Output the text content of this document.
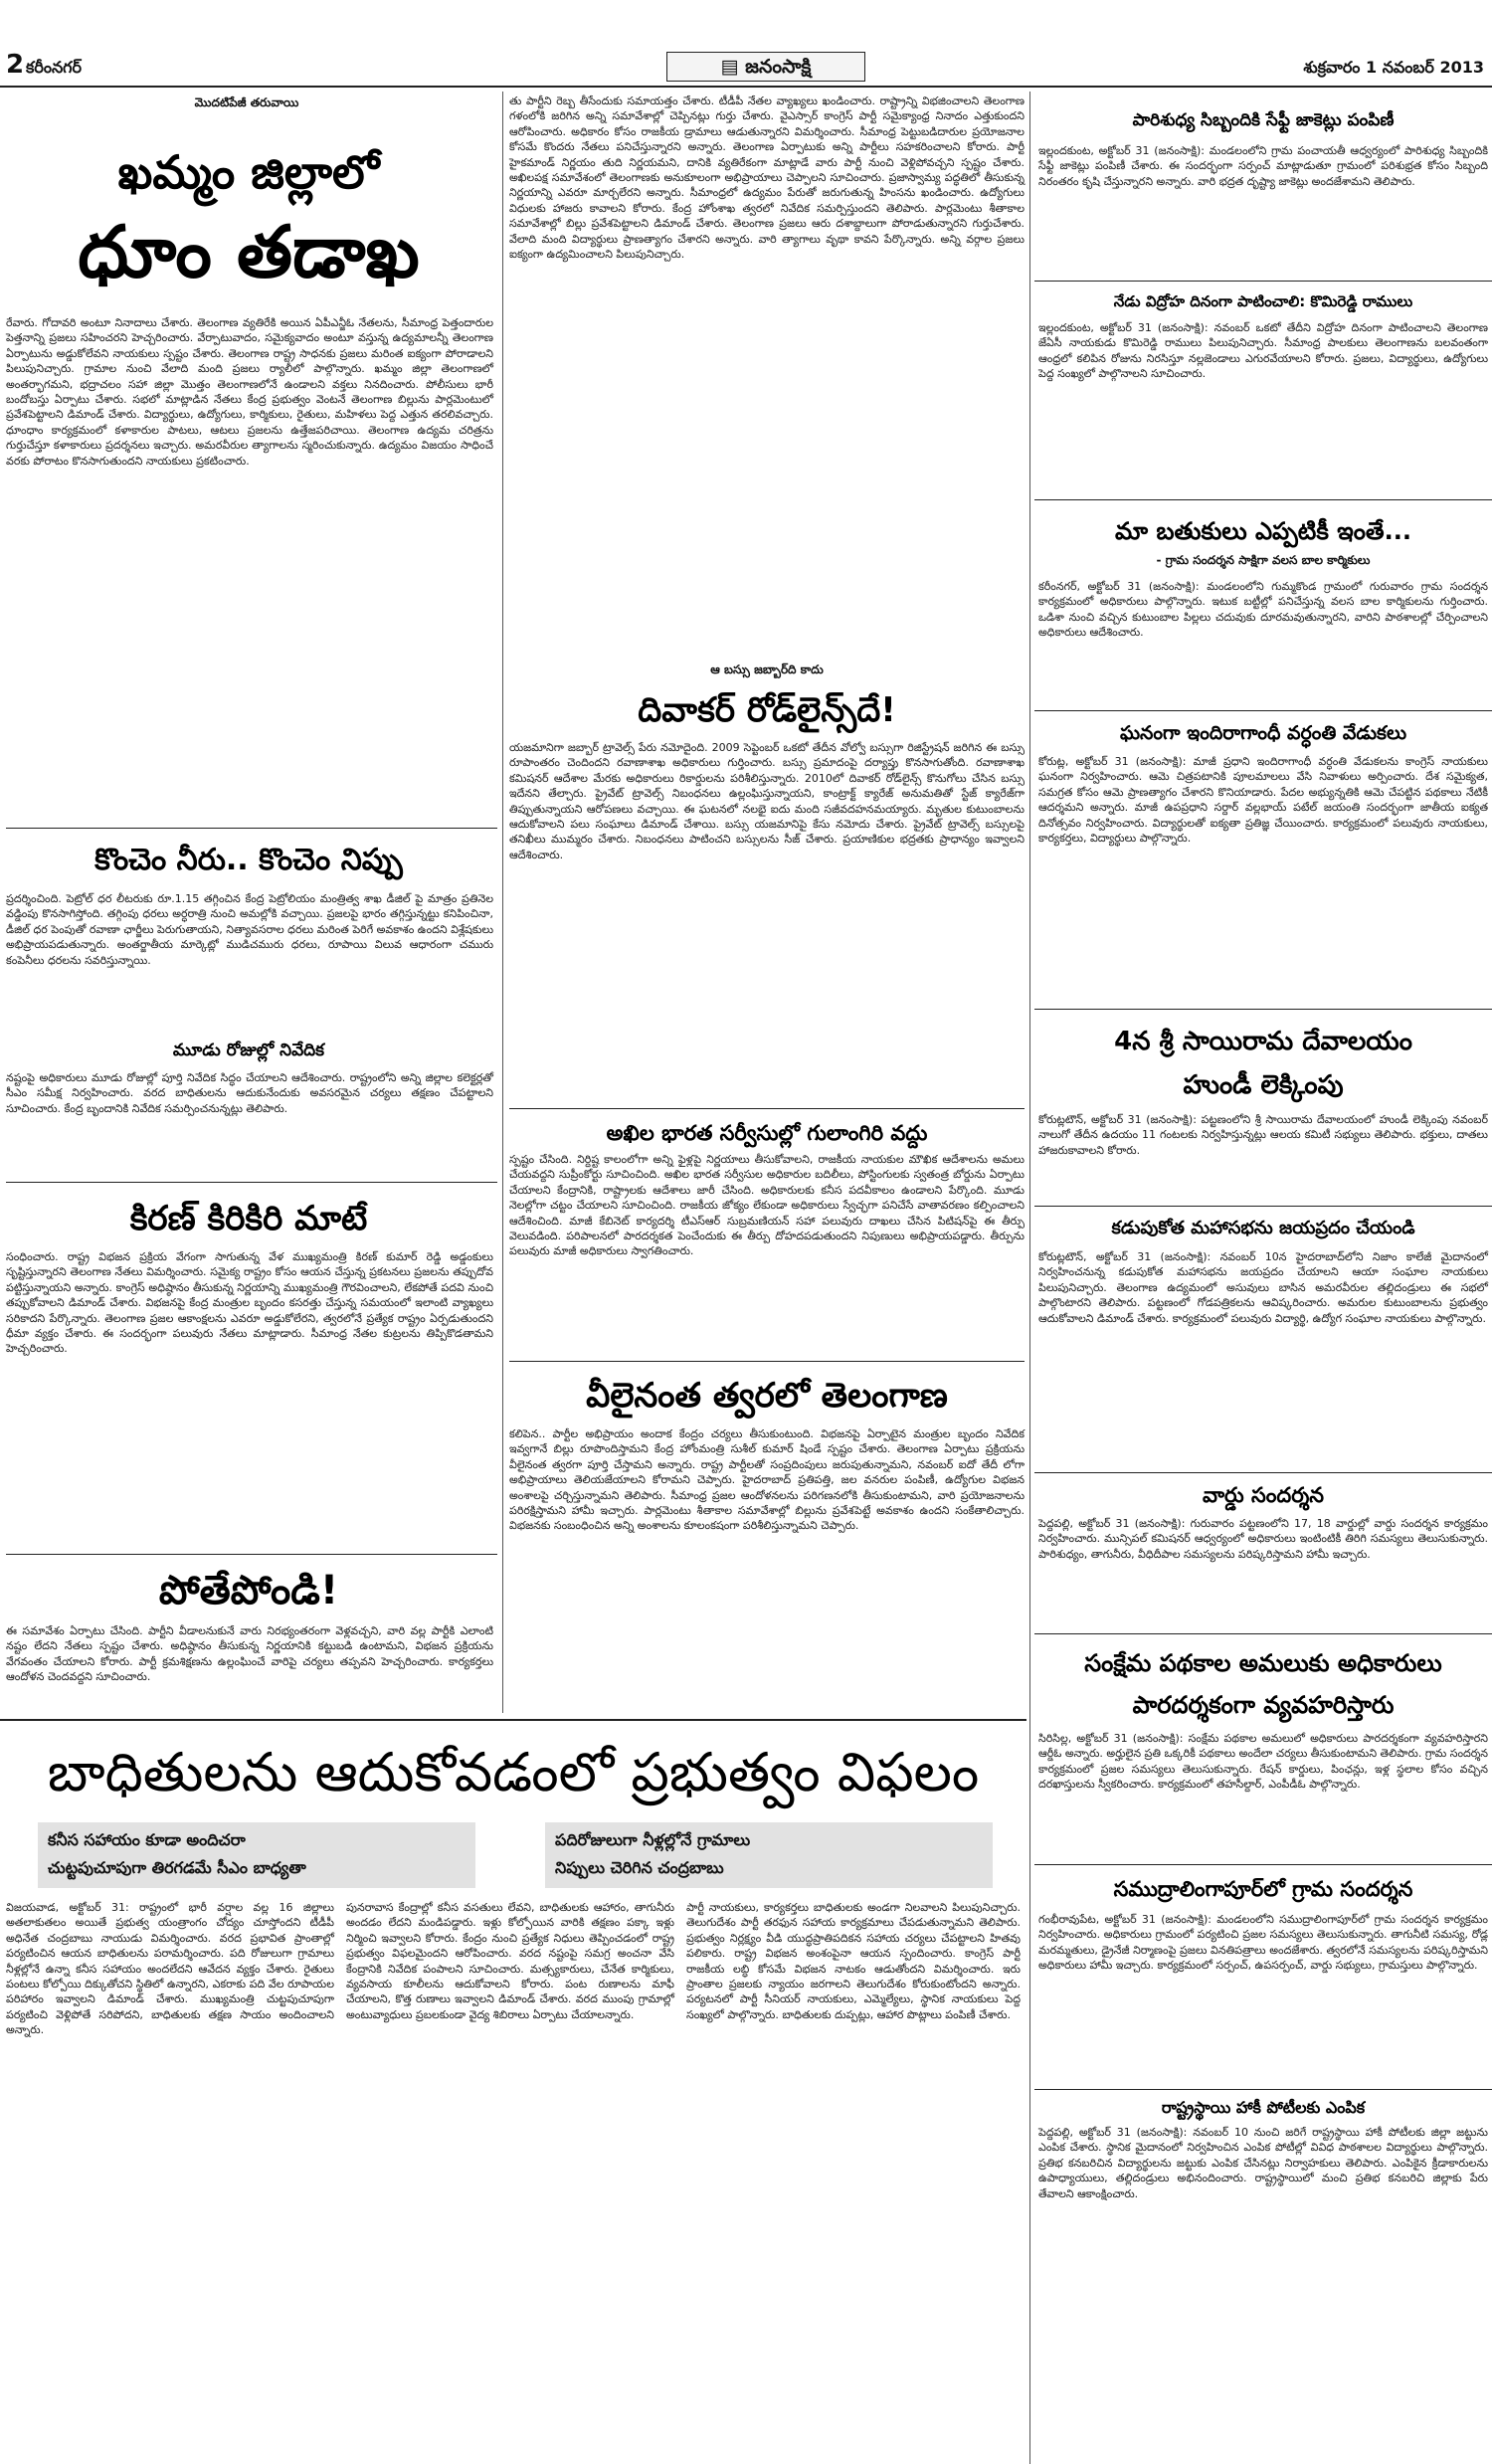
2 కరీంనగర్	▤ జనంసాక్షి	శుక్రవారం 1 నవంబర్ 2013
మొదటిపేజీ తరువాయి
ఖమ్మం జిల్లాలో
ధూం తడాఖ
రేవారు. గోదావరి అంటూ నినాదాలు చేశారు. తెలంగాణ వ్యతిరేకి అయిన ఏపీఎన్జీఓ నేతలను, సీమాంధ్ర పెత్తందారుల పెత్తనాన్ని ప్రజలు సహించరని హెచ్చరించారు. వేర్పాటువాదం, సమైక్యవాదం అంటూ వస్తున్న ఉద్యమాలన్నీ తెలంగాణ ఏర్పాటును అడ్డుకోలేవని నాయకులు స్పష్టం చేశారు. తెలంగాణ రాష్ట్ర సాధనకు ప్రజలు మరింత ఐక్యంగా పోరాడాలని పిలుపునిచ్చారు. గ్రామాల నుంచి వేలాది మంది ప్రజలు ర్యాలీలో పాల్గొన్నారు. ఖమ్మం జిల్లా తెలంగాణలో అంతర్భాగమని, భద్రాచలం సహా జిల్లా మొత్తం తెలంగాణలోనే ఉండాలని వక్తలు నినదించారు. పోలీసులు భారీ బందోబస్తు ఏర్పాటు చేశారు. సభలో మాట్లాడిన నేతలు కేంద్ర ప్రభుత్వం వెంటనే తెలంగాణ బిల్లును పార్లమెంటులో ప్రవేశపెట్టాలని డిమాండ్ చేశారు. విద్యార్థులు, ఉద్యోగులు, కార్మికులు, రైతులు, మహిళలు పెద్ద ఎత్తున తరలివచ్చారు. ధూంధాం కార్యక్రమంలో కళాకారుల పాటలు, ఆటలు ప్రజలను ఉత్తేజపరిచాయి. తెలంగాణ ఉద్యమ చరిత్రను గుర్తుచేస్తూ కళాకారులు ప్రదర్శనలు ఇచ్చారు. అమరవీరుల త్యాగాలను స్మరించుకున్నారు. ఉద్యమం విజయం సాధించే వరకు పోరాటం కొనసాగుతుందని నాయకులు ప్రకటించారు.
కొంచెం నీరు.. కొంచెం నిప్పు
ప్రదర్శించింది. పెట్రోల్ ధర లీటరుకు రూ.1.15 తగ్గించిన కేంద్ర పెట్రోలియం మంత్రిత్వ శాఖ డీజిల్ పై మాత్రం ప్రతినెల వడ్డింపు కొనసాగిస్తోంది. తగ్గింపు ధరలు అర్ధరాత్రి నుంచి అమల్లోకి వచ్చాయి. ప్రజలపై భారం తగ్గిస్తున్నట్టు కనిపించినా, డీజిల్ ధర పెంపుతో రవాణా ఛార్జీలు పెరుగుతాయని, నిత్యావసరాల ధరలు మరింత పెరిగే అవకాశం ఉందని విశ్లేషకులు అభిప్రాయపడుతున్నారు. అంతర్జాతీయ మార్కెట్లో ముడిచమురు ధరలు, రూపాయి విలువ ఆధారంగా చమురు కంపెనీలు ధరలను సవరిస్తున్నాయి.
మూడు రోజుల్లో నివేదిక
నష్టంపై అధికారులు మూడు రోజుల్లో పూర్తి నివేదిక సిద్ధం చేయాలని ఆదేశించారు. రాష్ట్రంలోని అన్ని జిల్లాల కలెక్టర్లతో సీఎం సమీక్ష నిర్వహించారు. వరద బాధితులను ఆదుకునేందుకు అవసరమైన చర్యలు తక్షణం చేపట్టాలని సూచించారు. కేంద్ర బృందానికి నివేదిక సమర్పించనున్నట్లు తెలిపారు.
కిరణ్ కిరికిరి మాటే
సంధించారు. రాష్ట్ర విభజన ప్రక్రియ వేగంగా సాగుతున్న వేళ ముఖ్యమంత్రి కిరణ్ కుమార్ రెడ్డి అడ్డంకులు సృష్టిస్తున్నారని తెలంగాణ నేతలు విమర్శించారు. సమైక్య రాష్ట్రం కోసం ఆయన చేస్తున్న ప్రకటనలు ప్రజలను తప్పుదోవ పట్టిస్తున్నాయని అన్నారు. కాంగ్రెస్ అధిష్ఠానం తీసుకున్న నిర్ణయాన్ని ముఖ్యమంత్రి గౌరవించాలని, లేకపోతే పదవి నుంచి తప్పుకోవాలని డిమాండ్ చేశారు. విభజనపై కేంద్ర మంత్రుల బృందం కసరత్తు చేస్తున్న సమయంలో ఇలాంటి వ్యాఖ్యలు సరికాదని పేర్కొన్నారు. తెలంగాణ ప్రజల ఆకాంక్షలను ఎవరూ అడ్డుకోలేరని, త్వరలోనే ప్రత్యేక రాష్ట్రం ఏర్పడుతుందని ధీమా వ్యక్తం చేశారు. ఈ సందర్భంగా పలువురు నేతలు మాట్లాడారు. సీమాంధ్ర నేతల కుట్రలను తిప్పికొడతామని హెచ్చరించారు.
పోతేపోండి!
ఈ సమావేశం ఏర్పాటు చేసింది. పార్టీని వీడాలనుకునే వారు నిరభ్యంతరంగా వెళ్లవచ్చని, వారి వల్ల పార్టీకి ఎలాంటి నష్టం లేదని నేతలు స్పష్టం చేశారు. అధిష్ఠానం తీసుకున్న నిర్ణయానికి కట్టుబడి ఉంటామని, విభజన ప్రక్రియను వేగవంతం చేయాలని కోరారు. పార్టీ క్రమశిక్షణను ఉల్లంఘించే వారిపై చర్యలు తప్పవని హెచ్చరించారు. కార్యకర్తలు ఆందోళన చెందవద్దని సూచించారు.
తు పార్టీని రెబ్బ తీసేందుకు సమాయత్తం చేశారు. టీడీపీ నేతల వ్యాఖ్యలు ఖండించారు. రాష్ట్రాన్ని విభజించాలని తెలంగాణ గళంలోకి జరిగిన అన్ని సమావేశాల్లో చెప్పినట్లు గుర్తు చేశారు. వైఎస్సార్ కాంగ్రెస్ పార్టీ సమైక్యాంధ్ర నినాదం ఎత్తుకుందని ఆరోపించారు. అధికారం కోసం రాజకీయ డ్రామాలు ఆడుతున్నారని విమర్శించారు. సీమాంధ్ర పెట్టుబడిదారుల ప్రయోజనాల కోసమే కొందరు నేతలు పనిచేస్తున్నారని అన్నారు. తెలంగాణ ఏర్పాటుకు అన్ని పార్టీలు సహకరించాలని కోరారు. పార్టీ హైకమాండ్ నిర్ణయం తుది నిర్ణయమని, దానికి వ్యతిరేకంగా మాట్లాడే వారు పార్టీ నుంచి వెళ్లిపోవచ్చని స్పష్టం చేశారు. అఖిలపక్ష సమావేశంలో తెలంగాణకు అనుకూలంగా అభిప్రాయాలు చెప్పాలని సూచించారు. ప్రజాస్వామ్య పద్ధతిలో తీసుకున్న నిర్ణయాన్ని ఎవరూ మార్చలేరని అన్నారు. సీమాంధ్రలో ఉద్యమం పేరుతో జరుగుతున్న హింసను ఖండించారు. ఉద్యోగులు విధులకు హాజరు కావాలని కోరారు. కేంద్ర హోంశాఖ త్వరలో నివేదిక సమర్పిస్తుందని తెలిపారు. పార్లమెంటు శీతాకాల సమావేశాల్లో బిల్లు ప్రవేశపెట్టాలని డిమాండ్ చేశారు. తెలంగాణ ప్రజలు ఆరు దశాబ్దాలుగా పోరాడుతున్నారని గుర్తుచేశారు. వేలాది మంది విద్యార్థులు ప్రాణత్యాగం చేశారని అన్నారు. వారి త్యాగాలు వృథా కావని పేర్కొన్నారు. అన్ని వర్గాల ప్రజలు ఐక్యంగా ఉద్యమించాలని పిలుపునిచ్చారు.
ఆ బస్సు జబ్బార్‌ది కాదు
దివాకర్ రోడ్‌లైన్స్‌దే!
యజమానిగా జబ్బార్ ట్రావెల్స్ పేరు నమోదైంది. 2009 సెప్టెంబర్ ఒకటో తేదీన వోల్వో బస్సుగా రిజిస్ట్రేషన్ జరిగిన ఈ బస్సు రూపాంతరం చెందిందని రవాణాశాఖ అధికారులు గుర్తించారు. బస్సు ప్రమాదంపై దర్యాప్తు కొనసాగుతోంది. రవాణాశాఖ కమిషనర్ ఆదేశాల మేరకు అధికారులు రికార్డులను పరిశీలిస్తున్నారు. 2010లో దివాకర్ రోడ్‌లైన్స్ కొనుగోలు చేసిన బస్సు ఇదేనని తేల్చారు. ప్రైవేట్ ట్రావెల్స్ నిబంధనలు ఉల్లంఘిస్తున్నాయని, కాంట్రాక్ట్ క్యారేజ్ అనుమతితో స్టేజ్ క్యారేజ్‌గా తిప్పుతున్నాయని ఆరోపణలు వచ్చాయి. ఈ ఘటనలో నలభై ఐదు మంది సజీవదహనమయ్యారు. మృతుల కుటుంబాలను ఆదుకోవాలని పలు సంఘాలు డిమాండ్ చేశాయి. బస్సు యజమానిపై కేసు నమోదు చేశారు. ప్రైవేట్ ట్రావెల్స్ బస్సులపై తనిఖీలు ముమ్మరం చేశారు. నిబంధనలు పాటించని బస్సులను సీజ్ చేశారు. ప్రయాణికుల భద్రతకు ప్రాధాన్యం ఇవ్వాలని ఆదేశించారు.
అఖిల భారత సర్వీసుల్లో గులాంగిరి వద్దు
స్పష్టం చేసింది. నిర్దిష్ట కాలంలోగా అన్ని ఫైళ్లపై నిర్ణయాలు తీసుకోవాలని, రాజకీయ నాయకుల మౌఖిక ఆదేశాలను అమలు చేయవద్దని సుప్రీంకోర్టు సూచించింది. అఖిల భారత సర్వీసుల అధికారుల బదిలీలు, పోస్టింగులకు స్వతంత్ర బోర్డును ఏర్పాటు చేయాలని కేంద్రానికి, రాష్ట్రాలకు ఆదేశాలు జారీ చేసింది. అధికారులకు కనీస పదవీకాలం ఉండాలని పేర్కొంది. మూడు నెలల్లోగా చట్టం చేయాలని సూచించింది. రాజకీయ జోక్యం లేకుండా అధికారులు స్వేచ్ఛగా పనిచేసే వాతావరణం కల్పించాలని ఆదేశించింది. మాజీ కేబినెట్ కార్యదర్శి టీఎస్ఆర్ సుబ్రమణియన్ సహా పలువురు దాఖలు చేసిన పిటిషన్‌పై ఈ తీర్పు వెలువడింది. పరిపాలనలో పారదర్శకత పెంచేందుకు ఈ తీర్పు దోహదపడుతుందని నిపుణులు అభిప్రాయపడ్డారు. తీర్పును పలువురు మాజీ అధికారులు స్వాగతించారు.
వీలైనంత త్వరలో తెలంగాణ
కలిపెన.. పార్టీల అభిప్రాయం అందాక కేంద్రం చర్యలు తీసుకుంటుంది. విభజనపై ఏర్పాటైన మంత్రుల బృందం నివేదిక ఇవ్వగానే బిల్లు రూపొందిస్తామని కేంద్ర హోంమంత్రి సుశీల్ కుమార్ షిండే స్పష్టం చేశారు. తెలంగాణ ఏర్పాటు ప్రక్రియను వీలైనంత త్వరగా పూర్తి చేస్తామని అన్నారు. రాష్ట్ర పార్టీలతో సంప్రదింపులు జరుపుతున్నామని, నవంబర్ ఐదో తేదీ లోగా అభిప్రాయాలు తెలియజేయాలని కోరామని చెప్పారు. హైదరాబాద్ ప్రతిపత్తి, జల వనరుల పంపిణీ, ఉద్యోగుల విభజన అంశాలపై చర్చిస్తున్నామని తెలిపారు. సీమాంధ్ర ప్రజల ఆందోళనలను పరిగణనలోకి తీసుకుంటామని, వారి ప్రయోజనాలను పరిరక్షిస్తామని హామీ ఇచ్చారు. పార్లమెంటు శీతాకాల సమావేశాల్లో బిల్లును ప్రవేశపెట్టే అవకాశం ఉందని సంకేతాలిచ్చారు. విభజనకు సంబంధించిన అన్ని అంశాలను కూలంకషంగా పరిశీలిస్తున్నామని చెప్పారు.
బాధితులను ఆదుకోవడంలో ప్రభుత్వం విఫలం
కనీస సహాయం కూడా అందిచరా
చుట్టపుచూపుగా తిరగడమే సీఎం బాధ్యతా
పదిరోజులుగా నీళ్లల్లోనే గ్రామాలు
నిప్పులు చెరిగిన చంద్రబాబు
విజయవాడ, అక్టోబర్ 31: రాష్ట్రంలో భారీ వర్షాల వల్ల 16 జిల్లాలు అతలాకుతలం అయితే ప్రభుత్వ యంత్రాంగం చోద్యం చూస్తోందని టీడీపీ అధినేత చంద్రబాబు నాయుడు విమర్శించారు. వరద ప్రభావిత ప్రాంతాల్లో పర్యటించిన ఆయన బాధితులను పరామర్శించారు. పది రోజులుగా గ్రామాలు నీళ్లల్లోనే ఉన్నా కనీస సహాయం అందలేదని ఆవేదన వ్యక్తం చేశారు. రైతులు పంటలు కోల్పోయి దిక్కుతోచని స్థితిలో ఉన్నారని, ఎకరాకు పది వేల రూపాయల పరిహారం ఇవ్వాలని డిమాండ్ చేశారు. ముఖ్యమంత్రి చుట్టపుచూపుగా పర్యటించి వెళ్లిపోతే సరిపోదని, బాధితులకు తక్షణ సాయం అందించాలని అన్నారు.
పునరావాస కేంద్రాల్లో కనీస వసతులు లేవని, బాధితులకు ఆహారం, తాగునీరు అందడం లేదని మండిపడ్డారు. ఇళ్లు కోల్పోయిన వారికి తక్షణం పక్కా ఇళ్లు నిర్మించి ఇవ్వాలని కోరారు. కేంద్రం నుంచి ప్రత్యేక నిధులు తెప్పించడంలో రాష్ట్ర ప్రభుత్వం విఫలమైందని ఆరోపించారు. వరద నష్టంపై సమగ్ర అంచనా వేసి కేంద్రానికి నివేదిక పంపాలని సూచించారు. మత్స్యకారులు, చేనేత కార్మికులు, వ్యవసాయ కూలీలను ఆదుకోవాలని కోరారు. పంట రుణాలను మాఫీ చేయాలని, కొత్త రుణాలు ఇవ్వాలని డిమాండ్ చేశారు. వరద ముంపు గ్రామాల్లో అంటువ్యాధులు ప్రబలకుండా వైద్య శిబిరాలు ఏర్పాటు చేయాలన్నారు.
పార్టీ నాయకులు, కార్యకర్తలు బాధితులకు అండగా నిలవాలని పిలుపునిచ్చారు. తెలుగుదేశం పార్టీ తరఫున సహాయ కార్యక్రమాలు చేపడుతున్నామని తెలిపారు. ప్రభుత్వం నిర్లక్ష్యం వీడి యుద్ధప్రాతిపదికన సహాయ చర్యలు చేపట్టాలని హితవు పలికారు. రాష్ట్ర విభజన అంశంపైనా ఆయన స్పందించారు. కాంగ్రెస్ పార్టీ రాజకీయ లబ్ధి కోసమే విభజన నాటకం ఆడుతోందని విమర్శించారు. ఇరు ప్రాంతాల ప్రజలకు న్యాయం జరగాలని తెలుగుదేశం కోరుకుంటోందని అన్నారు. పర్యటనలో పార్టీ సీనియర్ నాయకులు, ఎమ్మెల్యేలు, స్థానిక నాయకులు పెద్ద సంఖ్యలో పాల్గొన్నారు. బాధితులకు దుప్పట్లు, ఆహార పొట్లాలు పంపిణీ చేశారు.
పారిశుధ్య సిబ్బందికి సేఫ్టీ జాకెట్లు పంపిణీ
ఇల్లందకుంట, అక్టోబర్ 31 (జనంసాక్షి): మండలంలోని గ్రామ పంచాయతీ ఆధ్వర్యంలో పారిశుధ్య సిబ్బందికి సేఫ్టీ జాకెట్లు పంపిణీ చేశారు. ఈ సందర్భంగా సర్పంచ్ మాట్లాడుతూ గ్రామంలో పరిశుభ్రత కోసం సిబ్బంది నిరంతరం కృషి చేస్తున్నారని అన్నారు. వారి భద్రత దృష్ట్యా జాకెట్లు అందజేశామని తెలిపారు.
నేడు విద్రోహ దినంగా పాటించాలి: కొమిరెడ్డి రాములు
ఇల్లందకుంట, అక్టోబర్ 31 (జనంసాక్షి): నవంబర్ ఒకటో తేదీని విద్రోహ దినంగా పాటించాలని తెలంగాణ జేఏసీ నాయకుడు కొమిరెడ్డి రాములు పిలుపునిచ్చారు. సీమాంధ్ర పాలకులు తెలంగాణను బలవంతంగా ఆంధ్రలో కలిపిన రోజును నిరసిస్తూ నల్లజెండాలు ఎగురవేయాలని కోరారు. ప్రజలు, విద్యార్థులు, ఉద్యోగులు పెద్ద సంఖ్యలో పాల్గొనాలని సూచించారు.
మా బతుకులు ఎప్పటికీ ఇంతే...
- గ్రామ సందర్శన సాక్షిగా వలస బాల కార్మికులు
కరీంనగర్, అక్టోబర్ 31 (జనంసాక్షి): మండలంలోని గుమ్మకొండ గ్రామంలో గురువారం గ్రామ సందర్శన కార్యక్రమంలో అధికారులు పాల్గొన్నారు. ఇటుక బట్టీల్లో పనిచేస్తున్న వలస బాల కార్మికులను గుర్తించారు. ఒడిశా నుంచి వచ్చిన కుటుంబాల పిల్లలు చదువుకు దూరమవుతున్నారని, వారిని పాఠశాలల్లో చేర్పించాలని అధికారులు ఆదేశించారు.
ఘనంగా ఇందిరాగాంధీ వర్ధంతి వేడుకలు
కోరుట్ల, అక్టోబర్ 31 (జనంసాక్షి): మాజీ ప్రధాని ఇందిరాగాంధీ వర్ధంతి వేడుకలను కాంగ్రెస్ నాయకులు ఘనంగా నిర్వహించారు. ఆమె చిత్రపటానికి పూలమాలలు వేసి నివాళులు అర్పించారు. దేశ సమైక్యత, సమగ్రత కోసం ఆమె ప్రాణత్యాగం చేశారని కొనియాడారు. పేదల అభ్యున్నతికి ఆమె చేపట్టిన పథకాలు నేటికీ ఆదర్శమని అన్నారు. మాజీ ఉపప్రధాని సర్దార్ వల్లభాయ్ పటేల్ జయంతి సందర్భంగా జాతీయ ఐక్యత దినోత్సవం నిర్వహించారు. విద్యార్థులతో ఐక్యతా ప్రతిజ్ఞ చేయించారు. కార్యక్రమంలో పలువురు నాయకులు, కార్యకర్తలు, విద్యార్థులు పాల్గొన్నారు.
4న శ్రీ సాయిరామ దేవాలయం
హుండీ లెక్కింపు
కోరుట్లటౌన్, అక్టోబర్ 31 (జనంసాక్షి): పట్టణంలోని శ్రీ సాయిరామ దేవాలయంలో హుండీ లెక్కింపు నవంబర్ నాలుగో తేదీన ఉదయం 11 గంటలకు నిర్వహిస్తున్నట్లు ఆలయ కమిటీ సభ్యులు తెలిపారు. భక్తులు, దాతలు హాజరుకావాలని కోరారు.
కడుపుకోత మహాసభను జయప్రదం చేయండి
కోరుట్లటౌన్, అక్టోబర్ 31 (జనంసాక్షి): నవంబర్ 10న హైదరాబాద్‌లోని నిజాం కాలేజీ మైదానంలో నిర్వహించనున్న కడుపుకోత మహాసభను జయప్రదం చేయాలని ఆయా సంఘాల నాయకులు పిలుపునిచ్చారు. తెలంగాణ ఉద్యమంలో అసువులు బాసిన అమరవీరుల తల్లిదండ్రులు ఈ సభలో పాల్గొంటారని తెలిపారు. పట్టణంలో గోడపత్రికలను ఆవిష్కరించారు. అమరుల కుటుంబాలను ప్రభుత్వం ఆదుకోవాలని డిమాండ్ చేశారు. కార్యక్రమంలో పలువురు విద్యార్థి, ఉద్యోగ సంఘాల నాయకులు పాల్గొన్నారు.
వార్డు సందర్శన
పెద్దపల్లి, అక్టోబర్ 31 (జనంసాక్షి): గురువారం పట్టణంలోని 17, 18 వార్డుల్లో వార్డు సందర్శన కార్యక్రమం నిర్వహించారు. మున్సిపల్ కమిషనర్ ఆధ్వర్యంలో అధికారులు ఇంటింటికీ తిరిగి సమస్యలు తెలుసుకున్నారు. పారిశుధ్యం, తాగునీరు, వీధిదీపాల సమస్యలను పరిష్కరిస్తామని హామీ ఇచ్చారు.
సంక్షేమ పథకాల అమలుకు అధికారులు
పారదర్శకంగా వ్యవహరిస్తారు
సిరిసిల్ల, అక్టోబర్ 31 (జనంసాక్షి): సంక్షేమ పథకాల అమలులో అధికారులు పారదర్శకంగా వ్యవహరిస్తారని ఆర్డీఓ అన్నారు. అర్హులైన ప్రతి ఒక్కరికీ పథకాలు అందేలా చర్యలు తీసుకుంటామని తెలిపారు. గ్రామ సందర్శన కార్యక్రమంలో ప్రజల సమస్యలు తెలుసుకున్నారు. రేషన్ కార్డులు, పింఛన్లు, ఇళ్ల స్థలాల కోసం వచ్చిన దరఖాస్తులను స్వీకరించారు. కార్యక్రమంలో తహసీల్దార్, ఎంపీడీఓ పాల్గొన్నారు.
సముద్రాలింగాపూర్‌లో గ్రామ సందర్శన
గంభీరావుపేట, అక్టోబర్ 31 (జనంసాక్షి): మండలంలోని సముద్రాలింగాపూర్‌లో గ్రామ సందర్శన కార్యక్రమం నిర్వహించారు. అధికారులు గ్రామంలో పర్యటించి ప్రజల సమస్యలు తెలుసుకున్నారు. తాగునీటి సమస్య, రోడ్ల మరమ్మతులు, డ్రైనేజీ నిర్మాణంపై ప్రజలు వినతిపత్రాలు అందజేశారు. త్వరలోనే సమస్యలను పరిష్కరిస్తామని అధికారులు హామీ ఇచ్చారు. కార్యక్రమంలో సర్పంచ్, ఉపసర్పంచ్, వార్డు సభ్యులు, గ్రామస్తులు పాల్గొన్నారు.
రాష్ట్రస్థాయి హాకీ పోటీలకు ఎంపిక
పెద్దపల్లి, అక్టోబర్ 31 (జనంసాక్షి): నవంబర్ 10 నుంచి జరిగే రాష్ట్రస్థాయి హాకీ పోటీలకు జిల్లా జట్టును ఎంపిక చేశారు. స్థానిక మైదానంలో నిర్వహించిన ఎంపిక పోటీల్లో వివిధ పాఠశాలల విద్యార్థులు పాల్గొన్నారు. ప్రతిభ కనబరిచిన విద్యార్థులను జట్టుకు ఎంపిక చేసినట్లు నిర్వాహకులు తెలిపారు. ఎంపికైన క్రీడాకారులను ఉపాధ్యాయులు, తల్లిదండ్రులు అభినందించారు. రాష్ట్రస్థాయిలో మంచి ప్రతిభ కనబరిచి జిల్లాకు పేరు తేవాలని ఆకాంక్షించారు.
